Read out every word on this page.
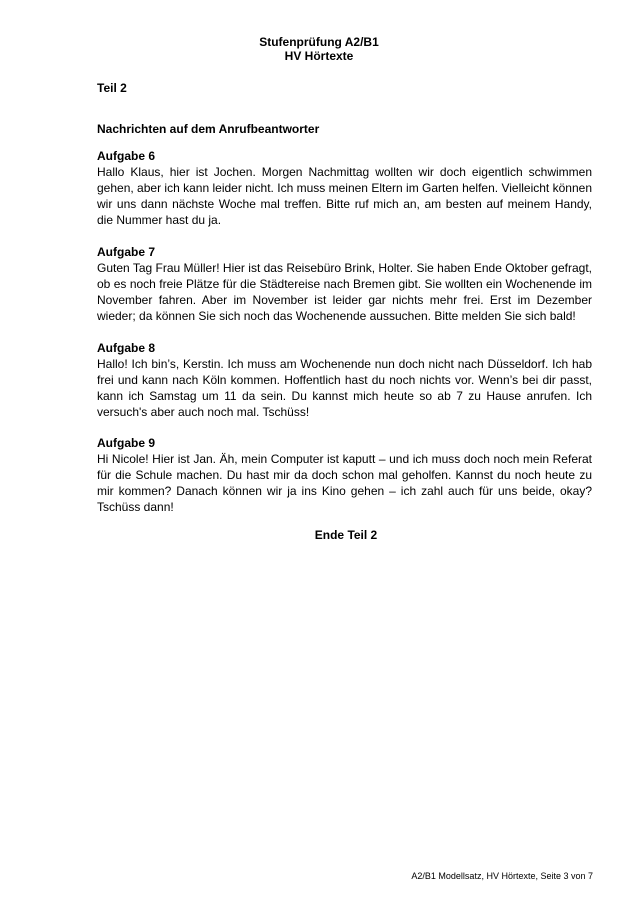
Stufenprüfung A2/B1
HV Hörtexte
Teil 2
Nachrichten auf dem Anrufbeantworter
Aufgabe 6
Hallo Klaus, hier ist Jochen. Morgen Nachmittag wollten wir doch eigentlich schwimmen gehen, aber ich kann leider nicht. Ich muss meinen Eltern im Garten helfen. Vielleicht können wir uns dann nächste Woche mal treffen. Bitte ruf mich an, am besten auf meinem Handy, die Nummer hast du ja.
Aufgabe 7
Guten Tag Frau Müller! Hier ist das Reisebüro Brink, Holter. Sie haben Ende Oktober gefragt, ob es noch freie Plätze für die Städtereise nach Bremen gibt. Sie wollten ein Wochenende im November fahren. Aber im November ist leider gar nichts mehr frei. Erst im Dezember wieder; da können Sie sich noch das Wochenende aussuchen. Bitte melden Sie sich bald!
Aufgabe 8
Hallo! Ich bin’s, Kerstin. Ich muss am Wochenende nun doch nicht nach Düsseldorf. Ich hab frei und kann nach Köln kommen. Hoffentlich hast du noch nichts vor. Wenn’s bei dir passt, kann ich Samstag um 11 da sein. Du kannst mich heute so ab 7 zu Hause anrufen. Ich versuch's aber auch noch mal. Tschüss!
Aufgabe 9
Hi Nicole! Hier ist Jan. Äh, mein Computer ist kaputt – und ich muss doch noch mein Referat für die Schule machen. Du hast mir da doch schon mal geholfen. Kannst du noch heute zu mir kommen? Danach können wir ja ins Kino gehen – ich zahl auch für uns beide, okay? Tschüss dann!
Ende Teil 2
A2/B1 Modellsatz, HV Hörtexte, Seite 3 von 7
